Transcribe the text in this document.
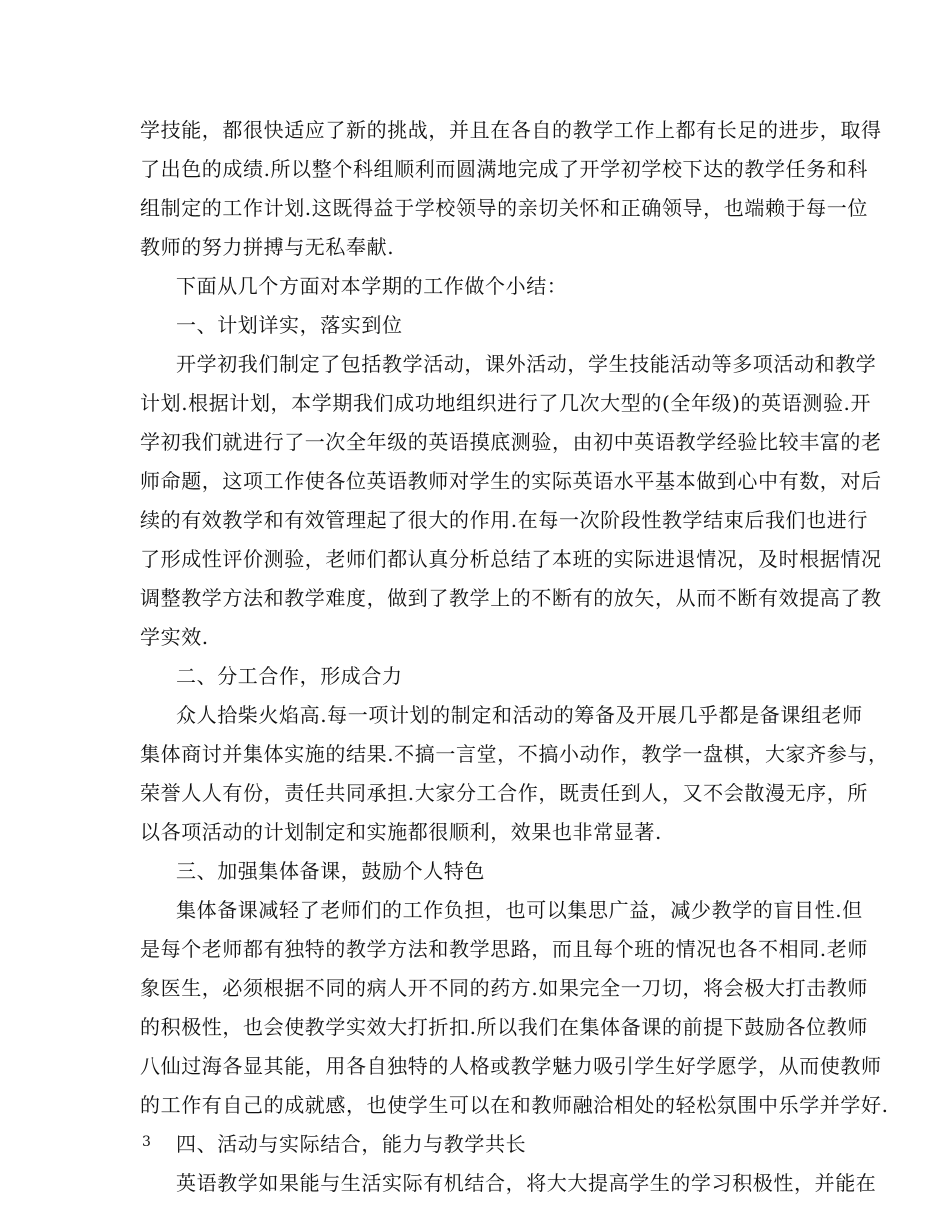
学技能，都很快适应了新的挑战，并且在各自的教学工作上都有长足的进步，取得
了出色的成绩.所以整个科组顺利而圆满地完成了开学初学校下达的教学任务和科
组制定的工作计划.这既得益于学校领导的亲切关怀和正确领导，也端赖于每一位
教师的努力拼搏与无私奉献.
下面从几个方面对本学期的工作做个小结：
一、计划详实，落实到位
开学初我们制定了包括教学活动，课外活动，学生技能活动等多项活动和教学
计划.根据计划，本学期我们成功地组织进行了几次大型的(全年级)的英语测验.开
学初我们就进行了一次全年级的英语摸底测验，由初中英语教学经验比较丰富的老
师命题，这项工作使各位英语教师对学生的实际英语水平基本做到心中有数，对后
续的有效教学和有效管理起了很大的作用.在每一次阶段性教学结束后我们也进行
了形成性评价测验，老师们都认真分析总结了本班的实际进退情况，及时根据情况
调整教学方法和教学难度，做到了教学上的不断有的放矢，从而不断有效提高了教
学实效.
二、分工合作，形成合力
众人拾柴火焰高.每一项计划的制定和活动的筹备及开展几乎都是备课组老师
集体商讨并集体实施的结果.不搞一言堂，不搞小动作，教学一盘棋，大家齐参与，
荣誉人人有份，责任共同承担.大家分工合作，既责任到人，又不会散漫无序，所
以各项活动的计划制定和实施都很顺利，效果也非常显著.
三、加强集体备课，鼓励个人特色
集体备课减轻了老师们的工作负担，也可以集思广益，减少教学的盲目性.但
是每个老师都有独特的教学方法和教学思路，而且每个班的情况也各不相同.老师
象医生，必须根据不同的病人开不同的药方.如果完全一刀切，将会极大打击教师
的积极性，也会使教学实效大打折扣.所以我们在集体备课的前提下鼓励各位教师
八仙过海各显其能，用各自独特的人格或教学魅力吸引学生好学愿学，从而使教师
的工作有自己的成就感，也使学生可以在和教师融洽相处的轻松氛围中乐学并学好.
四、活动与实际结合，能力与教学共长
英语教学如果能与生活实际有机结合，将大大提高学生的学习积极性，并能在
3
